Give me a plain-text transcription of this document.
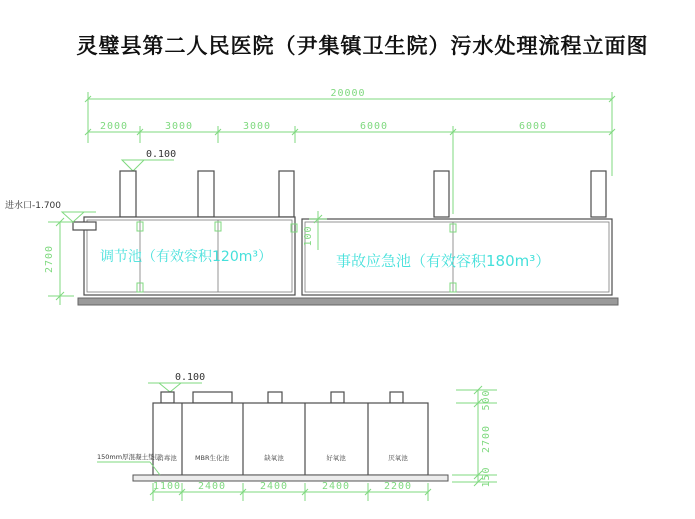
灵璧县第二人民医院（尹集镇卫生院）污水处理流程立面图
20000
2000	3000	3000	6000	6000
0.100
调节池（有效容积120m³）	事故应急池（有效容积180m³）
进水口-1.700
2700
100
0.100
消毒池	MBR生化池	缺氧池	好氧池	厌氧池
150mm厚混凝土垫层
1100 2400	2400	2400	2200
500
2700
150
